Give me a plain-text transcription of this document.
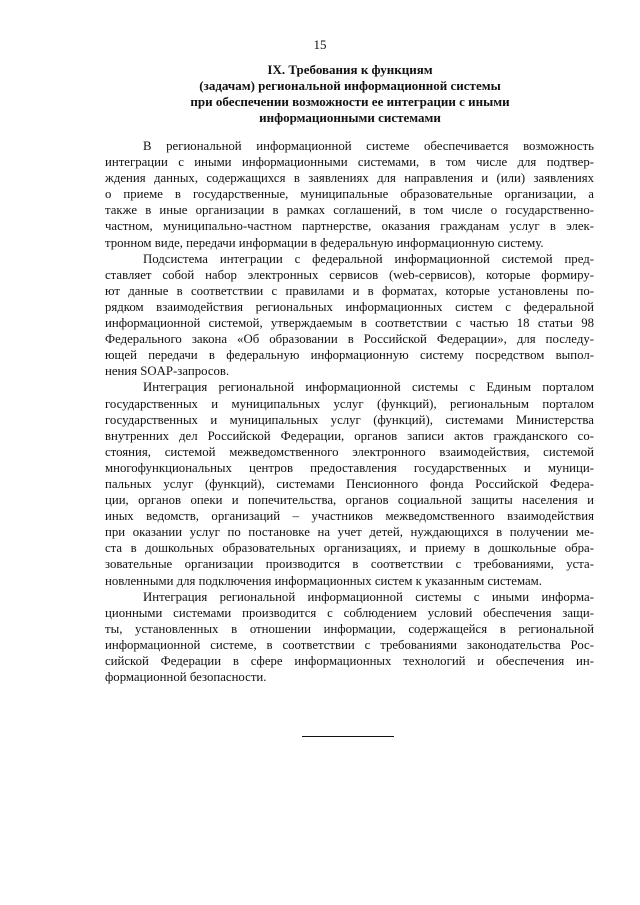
15
IX. Требования к функциям
(задачам) региональной информационной системы
при обеспечении возможности ее интеграции с иными
информационными системами
В региональной информационной системе обеспечивается возможность
интеграции с иными информационными системами, в том числе для подтвер-
ждения данных, содержащихся в заявлениях для направления и (или) заявлениях
о приеме в государственные, муниципальные образовательные организации, а
также в иные организации в рамках соглашений, в том числе о государственно-
частном, муниципально-частном партнерстве, оказания гражданам услуг в элек-
тронном виде, передачи информации в федеральную информационную систему.
Подсистема интеграции с федеральной информационной системой пред-
ставляет собой набор электронных сервисов (web-сервисов), которые формиру-
ют данные в соответствии с правилами и в форматах, которые установлены по-
рядком взаимодействия региональных информационных систем с федеральной
информационной системой, утверждаемым в соответствии с частью 18 статьи 98
Федерального закона «Об образовании в Российской Федерации», для последу-
ющей передачи в федеральную информационную систему посредством выпол-
нения SOAP-запросов.
Интеграция региональной информационной системы с Единым порталом
государственных и муниципальных услуг (функций), региональным порталом
государственных и муниципальных услуг (функций), системами Министерства
внутренних дел Российской Федерации, органов записи актов гражданского со-
стояния, системой межведомственного электронного взаимодействия, системой
многофункциональных центров предоставления государственных и муници-
пальных услуг (функций), системами Пенсионного фонда Российской Федера-
ции, органов опеки и попечительства, органов социальной защиты населения и
иных ведомств, организаций – участников межведомственного взаимодействия
при оказании услуг по постановке на учет детей, нуждающихся в получении ме-
ста в дошкольных образовательных организациях, и приему в дошкольные обра-
зовательные организации производится в соответствии с требованиями, уста-
новленными для подключения информационных систем к указанным системам.
Интеграция региональной информационной системы с иными информа-
ционными системами производится с соблюдением условий обеспечения защи-
ты, установленных в отношении информации, содержащейся в региональной
информационной системе, в соответствии с требованиями законодательства Рос-
сийской Федерации в сфере информационных технологий и обеспечения ин-
формационной безопасности.
